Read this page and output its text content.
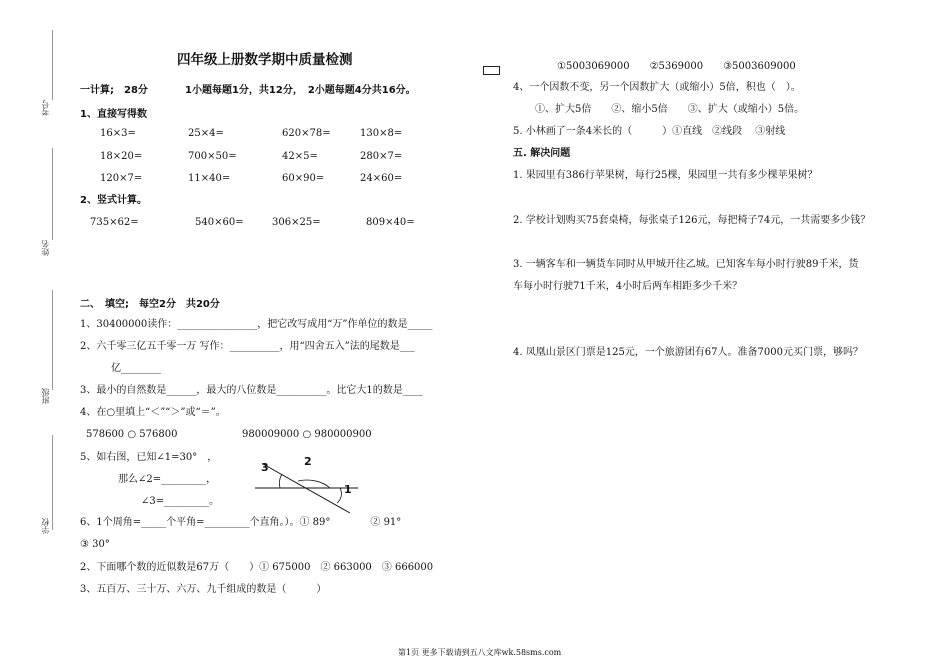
考号
姓名
班级
学校
四年级上册数学期中质量检测
一计算;　28分	1小题每题1分，共12分，　2小题每题4分共16分。
1、直接写得数
16×3=	25×4=	620×78=	130×8=
18×20=	700×50=	42×5=	280×7=
120×7=	11×40=	60×90=	24×60=
2、竖式计算。
735×62=	540×60=	306×25=	809×40=
二、　填空;　每空2分　共20分
1、30400000读作：________________，把它改写成用“万”作单位的数是_____
2、六千零三亿五千零一万 写作：__________，用“四舍五入”法的尾数是___
亿________
3、最小的自然数是______，最大的八位数是__________。比它大1的数是____
4、在○里填上“＜”“＞”或“＝”。
578600 ○ 576800	980009000 ○ 980000900
5、如右图，已知∠1=30°　，
那么∠2=_________，
∠3=_________。
3	2
1
6、1个周角=_____个平角=_________个直角。）。① 89°　　　　② 91°
③ 30°
2、下面哪个数的近似数是67万（　　）① 675000　② 663000　③ 666000
3、五百万、三十万、六万、九千组成的数是（　　　）
①5003069000　　②5369000　　③5003609000
4、一个因数不变，另一个因数扩大（或缩小）5倍，积也（　）。
①、扩大5倍　　②、缩小5倍　　③、扩大（或缩小）5倍。
5. 小林画了一条4米长的（　　　）①直线　②线段　 ③射线
五. 解决问题
1. 果园里有386行苹果树，每行25棵，果园里一共有多少棵苹果树？
2. 学校计划购买75套桌椅，每张桌子126元，每把椅子74元，一共需要多少钱？
3. 一辆客车和一辆货车同时从甲城开往乙城。已知客车每小时行驶89千米，货
车每小时行驶71千米，4小时后两车相距多少千米？
4. 凤凰山景区门票是125元，一个旅游团有67人。准备7000元买门票，够吗？
第1页 更多下载请到五八文库wk.58sms.com
